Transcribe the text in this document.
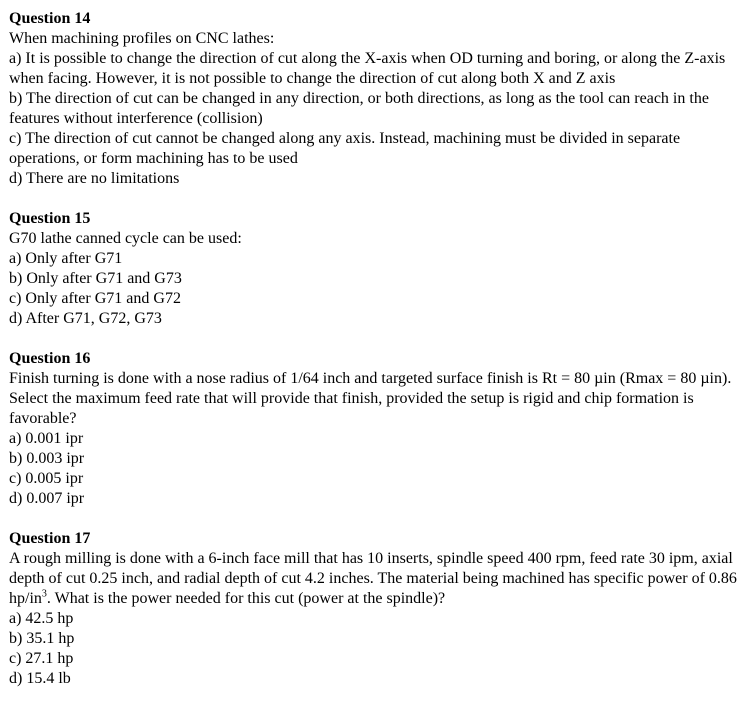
Question 14
When machining profiles on CNC lathes:
a) It is possible to change the direction of cut along the X-axis when OD turning and boring, or along the Z-axis when facing. However, it is not possible to change the direction of cut along both X and Z axis
b) The direction of cut can be changed in any direction, or both directions, as long as the tool can reach in the features without interference (collision)
c) The direction of cut cannot be changed along any axis. Instead, machining must be divided in separate operations, or form machining has to be used
d) There are no limitations
Question 15
G70 lathe canned cycle can be used:
a) Only after G71
b) Only after G71 and G73
c) Only after G71 and G72
d) After G71, G72, G73
Question 16
Finish turning is done with a nose radius of 1/64 inch and targeted surface finish is Rt = 80 µin (Rmax = 80 µin). Select the maximum feed rate that will provide that finish, provided the setup is rigid and chip formation is favorable?
a) 0.001 ipr
b) 0.003 ipr
c) 0.005 ipr
d) 0.007 ipr
Question 17
A rough milling is done with a 6-inch face mill that has 10 inserts, spindle speed 400 rpm, feed rate 30 ipm, axial depth of cut 0.25 inch, and radial depth of cut 4.2 inches. The material being machined has specific power of 0.86 $hp/in^3$. What is the power needed for this cut (power at the spindle)?
a) 42.5 hp
b) 35.1 hp
c) 27.1 hp
d) 15.4 lb
